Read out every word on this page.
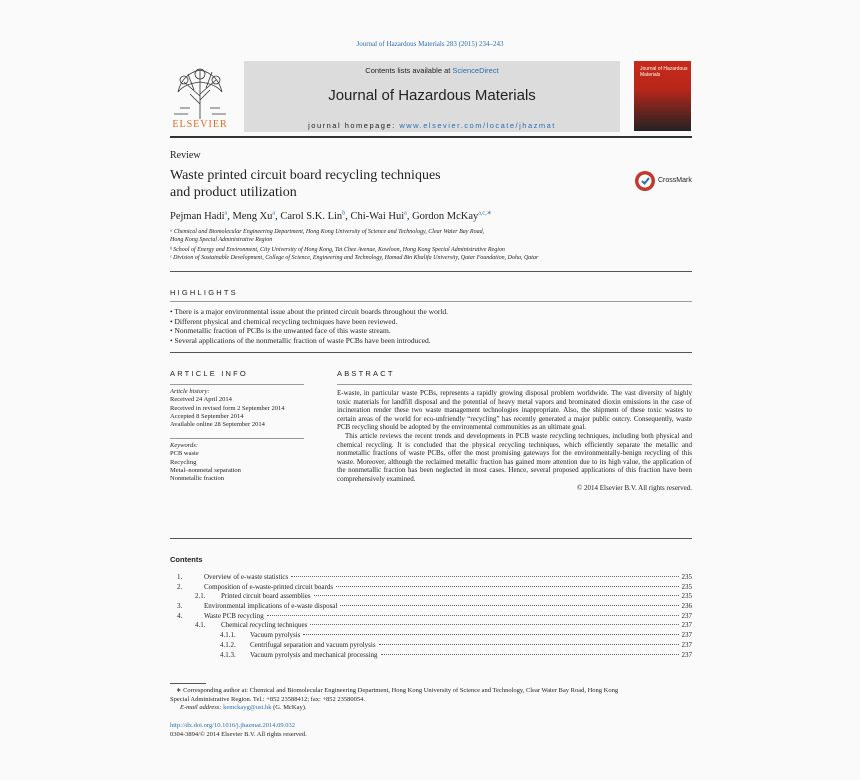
Journal of Hazardous Materials 283 (2015) 234–243
ELSEVIER
Contents lists available at ScienceDirect
Journal of Hazardous Materials
journal homepage: www.elsevier.com/locate/jhazmat
Journal of Hazardous Materials
Review
Waste printed circuit board recycling techniques
and product utilization
CrossMark
Pejman Hadi$^a$, Meng Xu$^a$, Carol S.K. Lin$^b$, Chi-Wai Hui$^a$, Gordon McKay$^{a,c,∗}$
ᵃ Chemical and Biomolecular Engineering Department, Hong Kong University of Science and Technology, Clear Water Bay Road,
Hong Kong Special Administrative Region
ᵇ School of Energy and Environment, City University of Hong Kong, Tat Chee Avenue, Kowloon, Hong Kong Special Administrative Region
ᶜ Division of Sustainable Development, College of Science, Engineering and Technology, Hamad Bin Khalifa University, Qatar Foundation, Doha, Qatar
HIGHLIGHTS
• There is a major environmental issue about the printed circuit boards throughout the world.
• Different physical and chemical recycling techniques have been reviewed.
• Nonmetallic fraction of PCBs is the unwanted face of this waste stream.
• Several applications of the nonmetallic fraction of waste PCBs have been introduced.
ARTICLE INFO
Article history:
Received 24 April 2014
Received in revised form 2 September 2014
Accepted 8 September 2014
Available online 28 September 2014
Keywords:
PCB waste
Recycling
Metal–nonmetal separation
Nonmetallic fraction
ABSTRACT

E-waste, in particular waste PCBs, represents a rapidly growing disposal problem worldwide. The vast diversity of highly toxic materials for landfill disposal and the potential of heavy metal vapors and brominated dioxin emissions in the case of incineration render these two waste management technologies inappropriate. Also, the shipment of these toxic wastes to certain areas of the world for eco-unfriendly “recycling” has recently generated a major public outcry. Consequently, waste PCB recycling should be adopted by the environmental communities as an ultimate goal.

This article reviews the recent trends and developments in PCB waste recycling techniques, including both physical and chemical recycling. It is concluded that the physical recycling techniques, which efficiently separate the metallic and nonmetallic fractions of waste PCBs, offer the most promising gateways for the environmentally-benign recycling of this waste. Moreover, although the reclaimed metallic fraction has gained more attention due to its high value, the application of the nonmetallic fraction has been neglected in most cases. Hence, several proposed applications of this fraction have been comprehensively examined.

© 2014 Elsevier B.V. All rights reserved.

Contents
1.	Overview of e-waste statistics	235
2.	Composition of e-waste-printed circuit boards	235
2.1.	Printed circuit board assemblies	235
3.	Environmental implications of e-waste disposal	236
4.	Waste PCB recycling	237
4.1.	Chemical recycling techniques	237
4.1.1.	Vacuum pyrolysis	237
4.1.2.	Centrifugal separation and vacuum pyrolysis	237
4.1.3.	Vacuum pyrolysis and mechanical processing	237
∗ Corresponding author at: Chemical and Biomolecular Engineering Department, Hong Kong University of Science and Technology, Clear Water Bay Road, Hong Kong
Special Administrative Region. Tel.: +852 23588412; fax: +852 23580054.
E-mail address: kemckayg@ust.hk (G. McKay).
http://dx.doi.org/10.1016/j.jhazmat.2014.09.032
0304-3894/© 2014 Elsevier B.V. All rights reserved.
